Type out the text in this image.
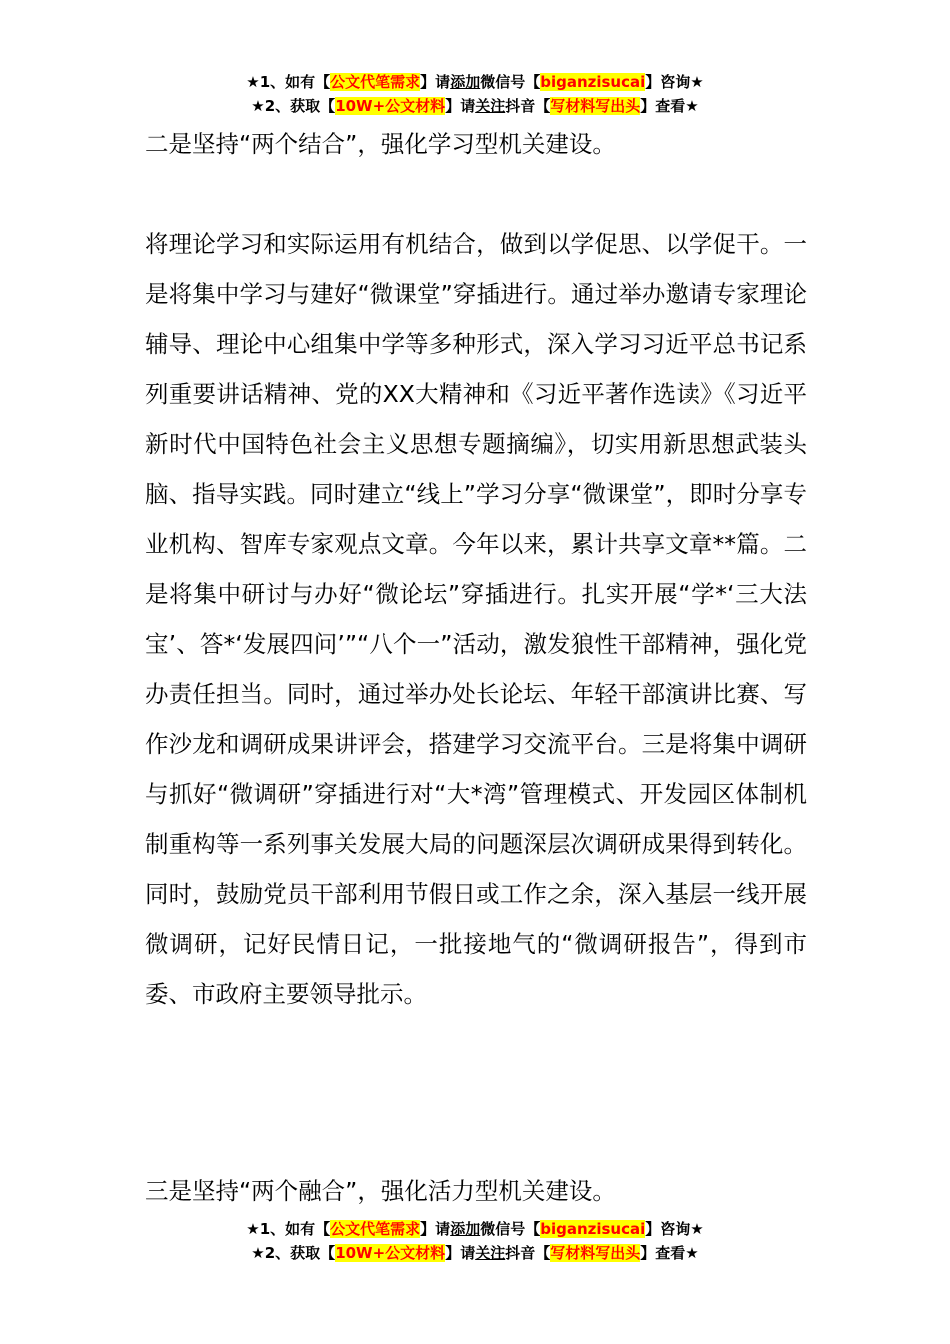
★1、如有【公文代笔需求】请添加微信号【biganzisucai】咨询★
★2、获取【10W+公文材料】请关注抖音【写材料写出头】查看★
二是坚持“两个结合”，强化学习型机关建设。
将理论学习和实际运用有机结合，做到以学促思、以学促干。一是将集中学习与建好“微课堂”穿插进行。通过举办邀请专家理论辅导、理论中心组集中学等多种形式，深入学习习近平总书记系列重要讲话精神、党的XX大精神和《习近平著作选读》《习近平新时代中国特色社会主义思想专题摘编》，切实用新思想武装头脑、指导实践。同时建立“线上”学习分享“微课堂”，即时分享专业机构、智库专家观点文章。今年以来，累计共享文章**篇。二是将集中研讨与办好“微论坛”穿插进行。扎实开展“学*‘三大法宝’、答*‘发展四问’”“八个一”活动，激发狼性干部精神，强化党办责任担当。同时，通过举办处长论坛、年轻干部演讲比赛、写作沙龙和调研成果讲评会，搭建学习交流平台。三是将集中调研与抓好“微调研”穿插进行对“大*湾”管理模式、开发园区体制机制重构等一系列事关发展大局的问题深层次调研成果得到转化。同时，鼓励党员干部利用节假日或工作之余，深入基层一线开展微调研，记好民情日记，一批接地气的“微调研报告”，得到市委、市政府主要领导批示。
三是坚持“两个融合”，强化活力型机关建设。
★1、如有【公文代笔需求】请添加微信号【biganzisucai】咨询★
★2、获取【10W+公文材料】请关注抖音【写材料写出头】查看★
